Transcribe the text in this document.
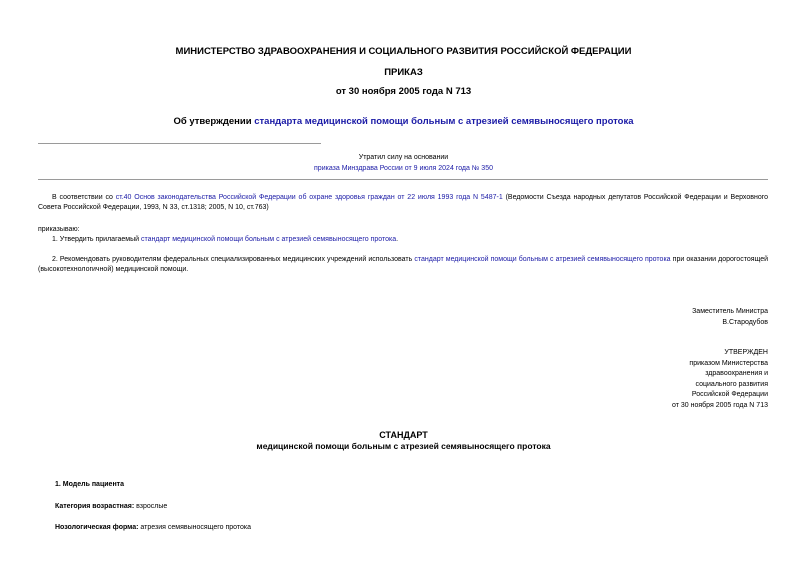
МИНИСТЕРСТВО ЗДРАВООХРАНЕНИЯ И СОЦИАЛЬНОГО РАЗВИТИЯ РОССИЙСКОЙ ФЕДЕРАЦИИ
ПРИКАЗ
от 30 ноября 2005 года N 713
Об утверждении стандарта медицинской помощи больным с атрезией семявыносящего протока
Утратил силу на основании
приказа Минздрава России от 9 июля 2024 года № 350
В соответствии со ст.40 Основ законодательства Российской Федерации об охране здоровья граждан от 22 июля 1993 года N 5487-1 (Ведомости Съезда народных депутатов Российской Федерации и Верховного Совета Российской Федерации, 1993, N 33, ст.1318; 2005, N 10, ст.763)
приказываю:
1. Утвердить прилагаемый стандарт медицинской помощи больным с атрезией семявыносящего протока.
2. Рекомендовать руководителям федеральных специализированных медицинских учреждений использовать стандарт медицинской помощи больным с атрезией семявыносящего протока при оказании дорогостоящей (высокотехнологичной) медицинской помощи.
Заместитель Министра
В.Стародубов
УТВЕРЖДЕН
приказом Министерства
здравоохранения и
социального развития
Российской Федерации
от 30 ноября 2005 года N 713
СТАНДАРТ
медицинской помощи больным с атрезией семявыносящего протока
1. Модель пациента
Категория возрастная: взрослые
Нозологическая форма: атрезия семявыносящего протока
